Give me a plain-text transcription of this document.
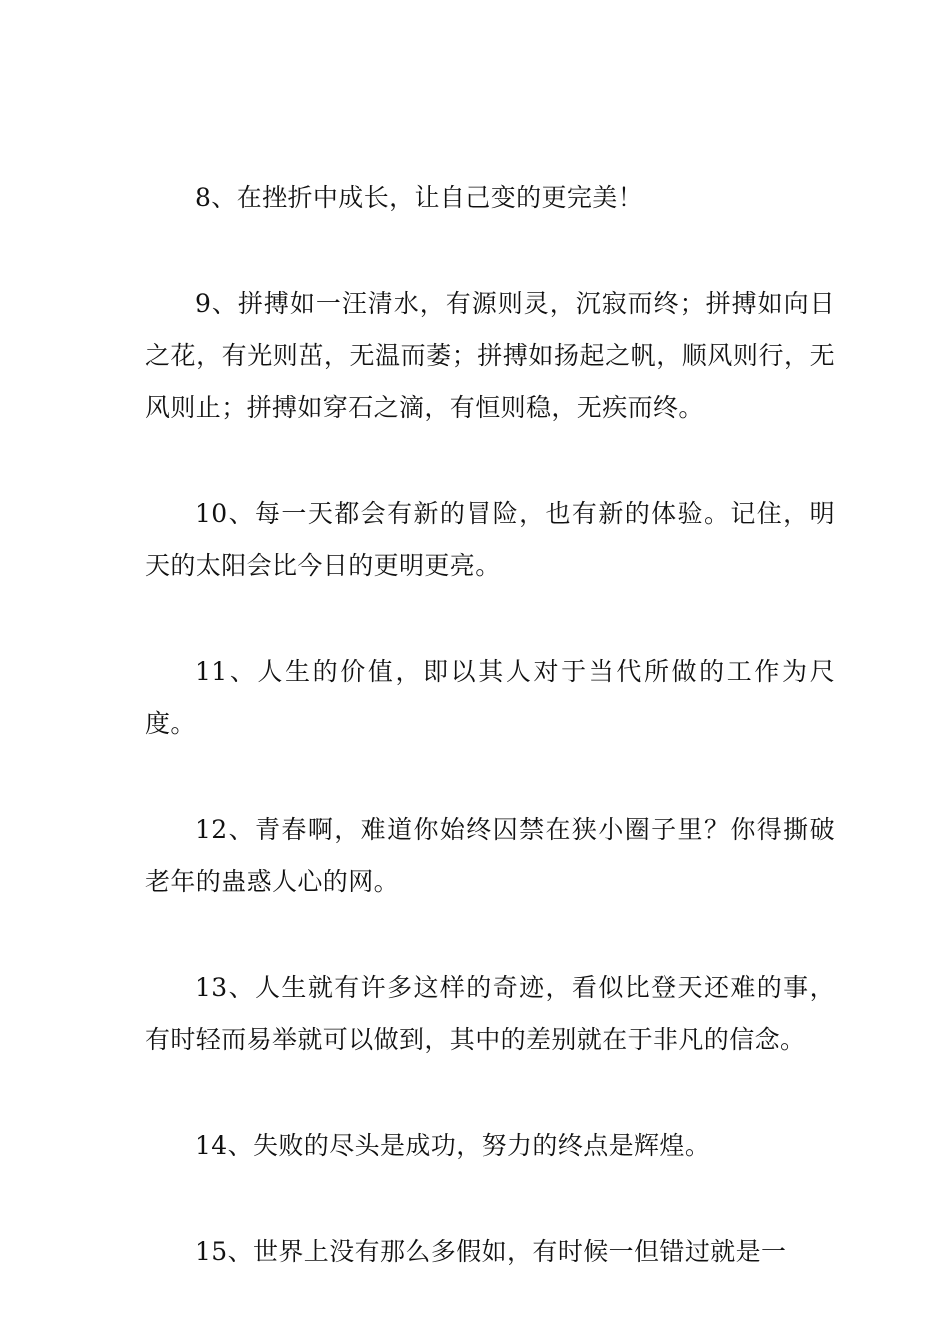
8、在挫折中成长，让自己变的更完美！

9、拼搏如一汪清水，有源则灵，沉寂而终；拼搏如向日之花，有光则茁，无温而萎；拼搏如扬起之帆，顺风则行，无风则止；拼搏如穿石之滴，有恒则稳，无疾而终。

10、每一天都会有新的冒险，也有新的体验。记住，明天的太阳会比今日的更明更亮。

11、人生的价值，即以其人对于当代所做的工作为尺度。

12、青春啊，难道你始终囚禁在狭小圈子里？你得撕破老年的蛊惑人心的网。

13、人生就有许多这样的奇迹，看似比登天还难的事，有时轻而易举就可以做到，其中的差别就在于非凡的信念。

14、失败的尽头是成功，努力的终点是辉煌。

15、世界上没有那么多假如，有时候一但错过就是一
